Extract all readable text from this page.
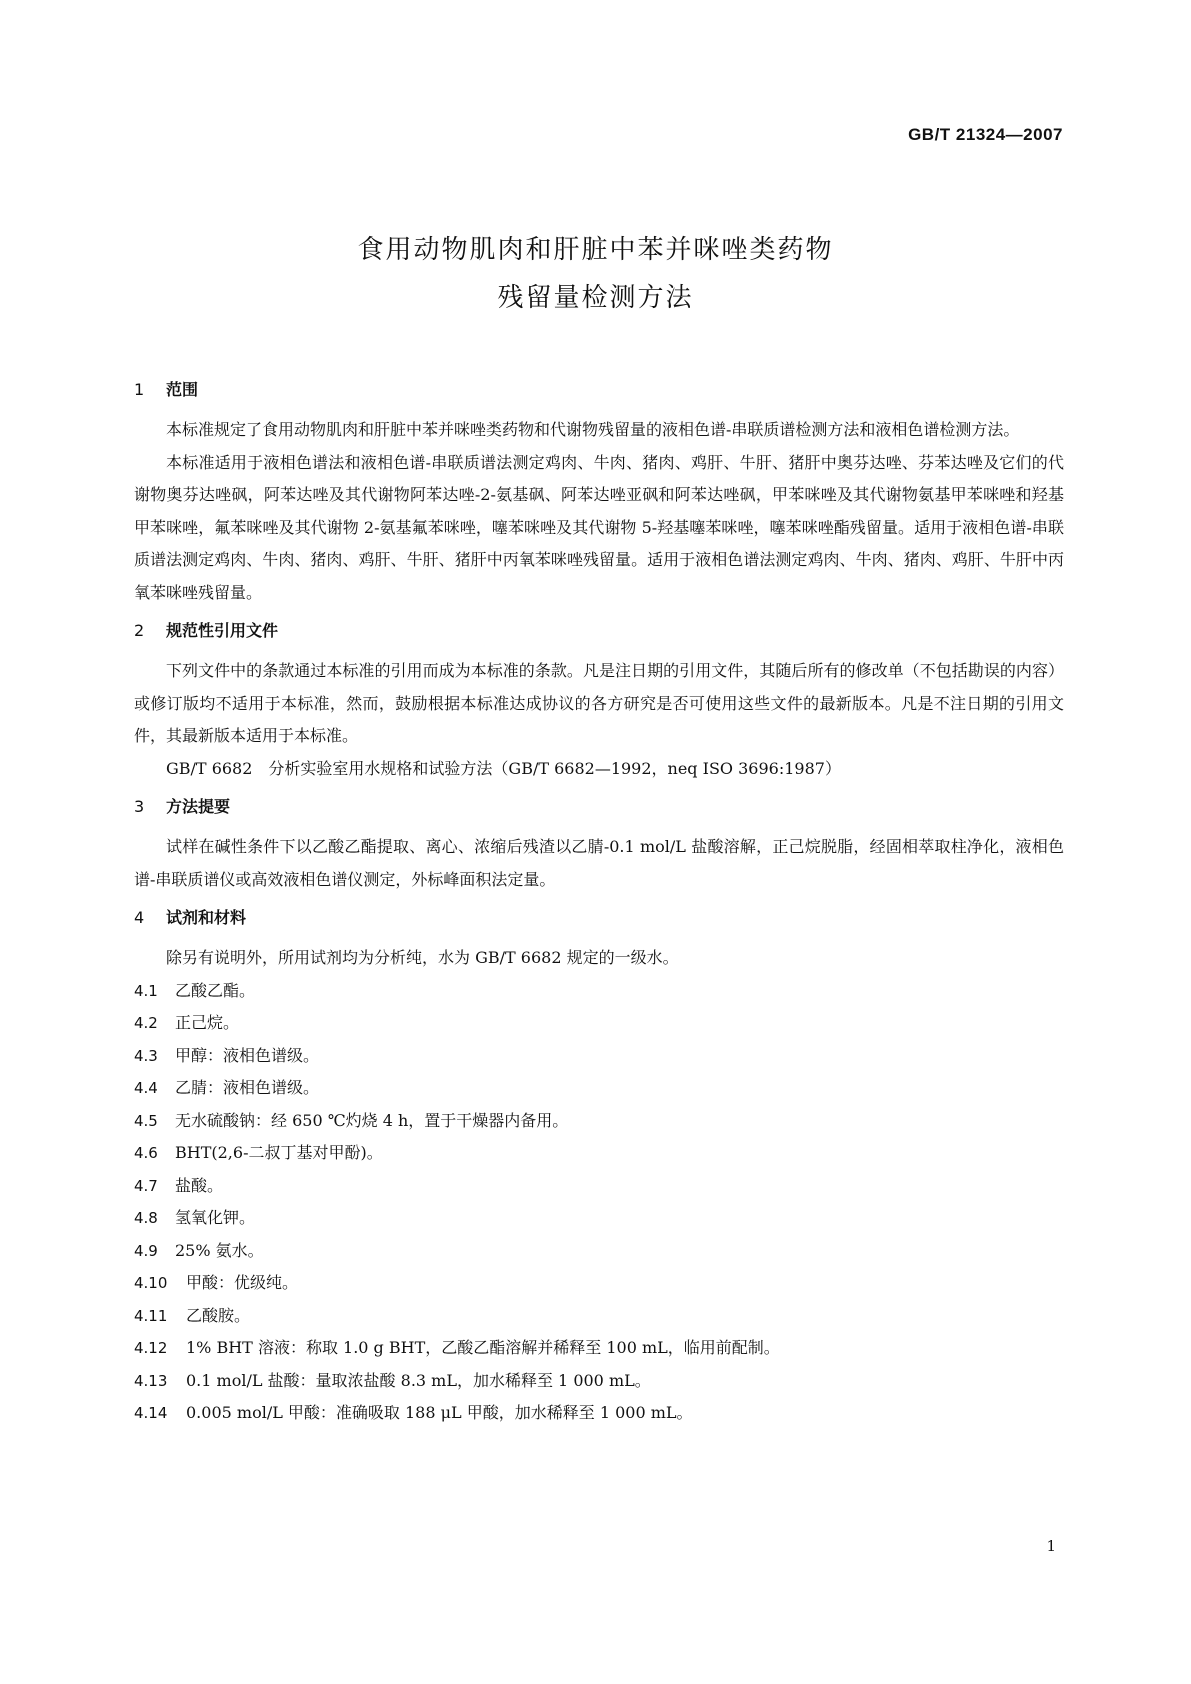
GB/T 21324—2007
食用动物肌肉和肝脏中苯并咪唑类药物
残留量检测方法
1 范围

本标准规定了食用动物肌肉和肝脏中苯并咪唑类药物和代谢物残留量的液相色谱-串联质谱检测方法和液相色谱检测方法。

本标准适用于液相色谱法和液相色谱-串联质谱法测定鸡肉、牛肉、猪肉、鸡肝、牛肝、猪肝中奥芬达唑、芬苯达唑及它们的代谢物奥芬达唑砜，阿苯达唑及其代谢物阿苯达唑-2-氨基砜、阿苯达唑亚砜和阿苯达唑砜，甲苯咪唑及其代谢物氨基甲苯咪唑和羟基甲苯咪唑，氟苯咪唑及其代谢物 2-氨基氟苯咪唑，噻苯咪唑及其代谢物 5-羟基噻苯咪唑，噻苯咪唑酯残留量。适用于液相色谱-串联质谱法测定鸡肉、牛肉、猪肉、鸡肝、牛肝、猪肝中丙氧苯咪唑残留量。适用于液相色谱法测定鸡肉、牛肉、猪肉、鸡肝、牛肝中丙氧苯咪唑残留量。

2 规范性引用文件

下列文件中的条款通过本标准的引用而成为本标准的条款。凡是注日期的引用文件，其随后所有的修改单（不包括勘误的内容）或修订版均不适用于本标准，然而，鼓励根据本标准达成协议的各方研究是否可使用这些文件的最新版本。凡是不注日期的引用文件，其最新版本适用于本标准。

GB/T 6682　分析实验室用水规格和试验方法（GB/T 6682—1992，neq ISO 3696:1987）

3 方法提要

试样在碱性条件下以乙酸乙酯提取、离心、浓缩后残渣以乙腈-0.1 mol/L 盐酸溶解，正己烷脱脂，经固相萃取柱净化，液相色谱-串联质谱仪或高效液相色谱仪测定，外标峰面积法定量。

4 试剂和材料

除另有说明外，所用试剂均为分析纯，水为 GB/T 6682 规定的一级水。

4.1 乙酸乙酯。
4.2 正己烷。
4.3 甲醇：液相色谱级。
4.4 乙腈：液相色谱级。
4.5 无水硫酸钠：经 650 ℃灼烧 4 h，置于干燥器内备用。
4.6 BHT(2,6-二叔丁基对甲酚)。
4.7 盐酸。
4.8 氢氧化钾。
4.9 25% 氨水。
4.10 甲酸：优级纯。
4.11 乙酸胺。
4.12 1% BHT 溶液：称取 1.0 g BHT，乙酸乙酯溶解并稀释至 100 mL，临用前配制。
4.13 0.1 mol/L 盐酸：量取浓盐酸 8.3 mL，加水稀释至 1 000 mL。
4.14 0.005 mol/L 甲酸：准确吸取 188 μL 甲酸，加水稀释至 1 000 mL。
1
